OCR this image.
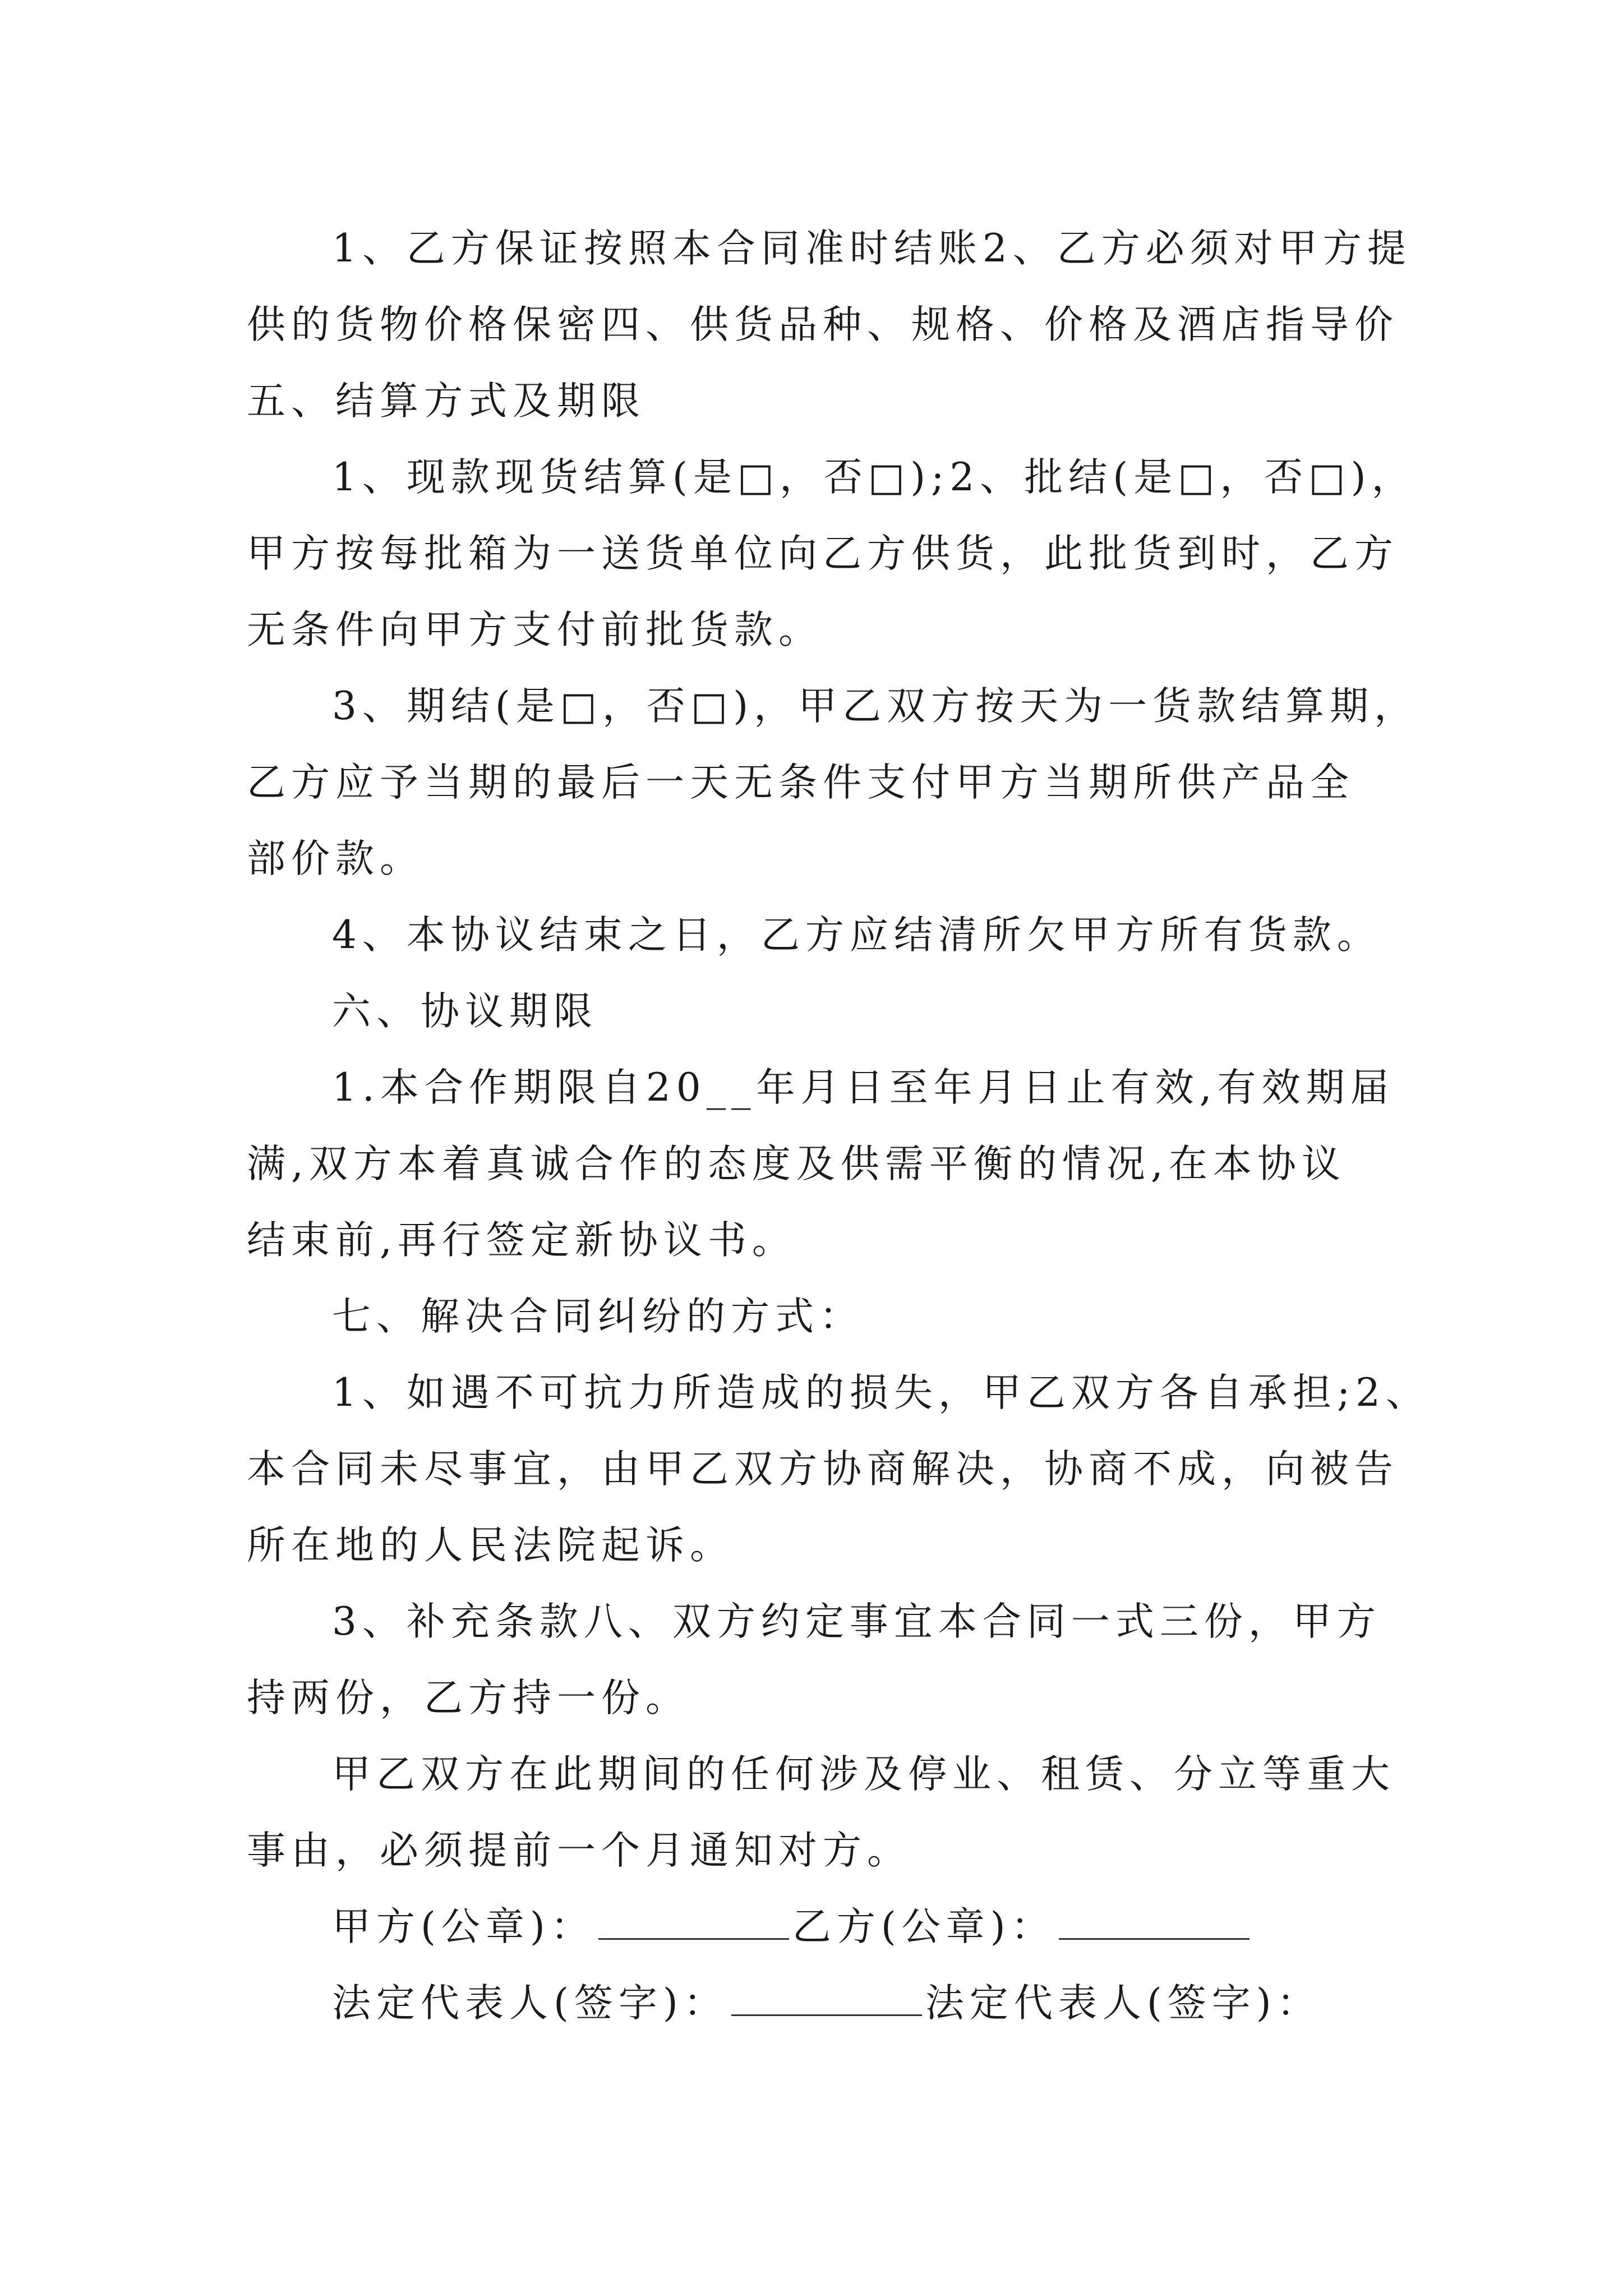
1、乙方保证按照本合同准时结账2、乙方必须对甲方提
供的货物价格保密四、供货品种、规格、价格及酒店指导价
五、结算方式及期限
1、现款现货结算(是□，否□);2、批结(是□，否□)，
甲方按每批箱为一送货单位向乙方供货，此批货到时，乙方
无条件向甲方支付前批货款。
3、期结(是□，否□)，甲乙双方按天为一货款结算期，
乙方应予当期的最后一天无条件支付甲方当期所供产品全
部价款。
4、本协议结束之日，乙方应结清所欠甲方所有货款。
六、协议期限
1.本合作期限自20__年月日至年月日止有效,有效期届
满,双方本着真诚合作的态度及供需平衡的情况,在本协议
结束前,再行签定新协议书。
七、解决合同纠纷的方式：
1、如遇不可抗力所造成的损失，甲乙双方各自承担;2、
本合同未尽事宜，由甲乙双方协商解决，协商不成，向被告
所在地的人民法院起诉。
3、补充条款八、双方约定事宜本合同一式三份，甲方
持两份，乙方持一份。
甲乙双方在此期间的任何涉及停业、租赁、分立等重大
事由，必须提前一个月通知对方。
甲方(公章)：	乙方(公章)：
法定代表人(签字)：	法定代表人(签字)：
